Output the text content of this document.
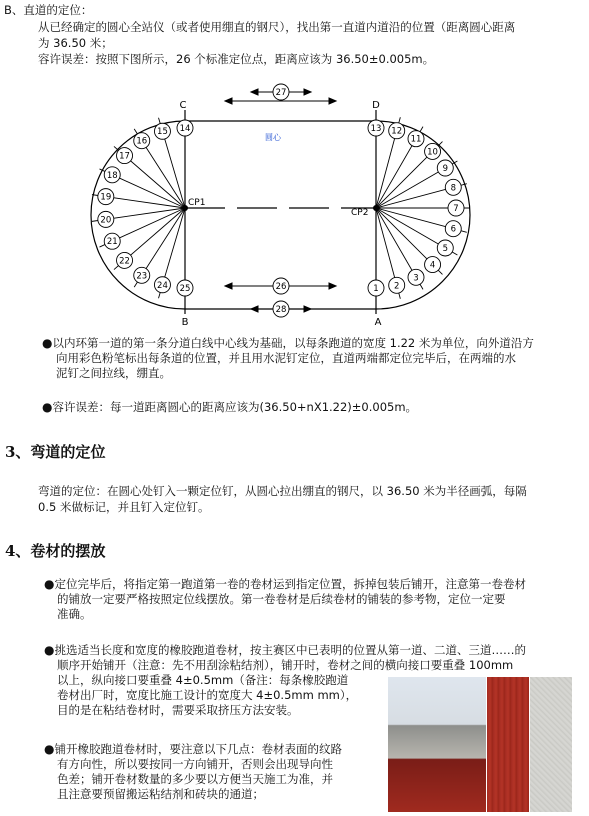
B、直道的定位：
从已经确定的圆心全站仪（或者使用绷直的钢尺），找出第一直道内道沿的位置（距离圆心距离
为 36.50 米；
容许误差：按照下图所示，26 个标准定位点，距离应该为 36.50±0.005m。
C	D
B	A
圆心
CP1
CP2
14
15
16
17
18
19
20
21
22
23
24 25
13 12
11
10
9
8
7
6
5
4
3
2
1
27
26
28
●以内环第一道的第一条分道白线中心线为基础，以每条跑道的宽度 1.22 米为单位，向外道沿方
向用彩色粉笔标出每条道的位置，并且用水泥钉定位，直道两端都定位完毕后，在两端的水
泥钉之间拉线，绷直。
●容许误差：每一道距离圆心的距离应该为(36.50+nX1.22)±0.005m。
3、弯道的定位
弯道的定位：在圆心处钉入一颗定位钉，从圆心拉出绷直的钢尺，以 36.50 米为半径画弧，每隔
0.5 米做标记，并且钉入定位钉。
4、卷材的摆放
●定位完毕后，将指定第一跑道第一卷的卷材运到指定位置，拆掉包装后铺开，注意第一卷卷材
的铺放一定要严格按照定位线摆放。第一卷卷材是后续卷材的铺装的参考物，定位一定要
准确。
●挑选适当长度和宽度的橡胶跑道卷材，按主赛区中已表明的位置从第一道、二道、三道……的
顺序开始铺开（注意：先不用刮涂粘结剂），铺开时，卷材之间的横向接口要重叠 100mm
以上，纵向接口要重叠 4±0.5mm（备注：每条橡胶跑道
卷材出厂时，宽度比施工设计的宽度大 4±0.5mm mm），
目的是在粘结卷材时，需要采取挤压方法安装。
●铺开橡胶跑道卷材时，要注意以下几点：卷材表面的纹路
有方向性，所以要按同一方向铺开，否则会出现导向性
色差；铺开卷材数量的多少要以方便当天施工为准，并
且注意要预留搬运粘结剂和砖块的通道；
